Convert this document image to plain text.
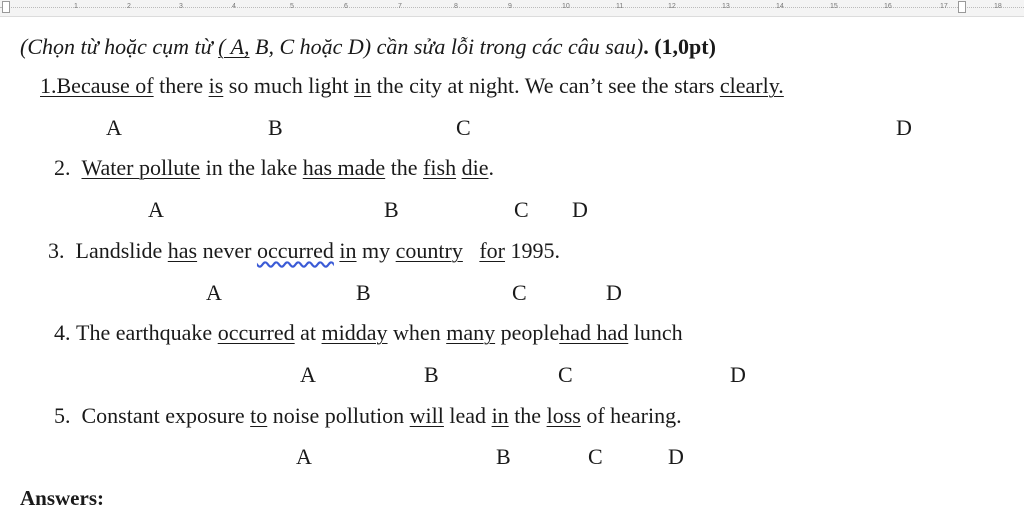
1	2	3	4	5	6	7	8	9	10	11	12	13	14	15	16	17	18
(Chọn từ hoặc cụm từ ( A, B, C hoặc D) cần sửa lỗi trong các câu sau). (1,0pt)
1.Because of there is so much light in the city at night. We can’t see the stars clearly.
A	B	C	D
2. Water pollute in the lake has made the fish die.
A	B	C D
3. Landslide has never occurred in my country for 1995.
A	B	C	D
4. The earthquake occurred at midday when many peoplehad had lunch
A	B	C	D
5. Constant exposure to noise pollution will lead in the loss of hearing.
A	B	C	D
Answers:
